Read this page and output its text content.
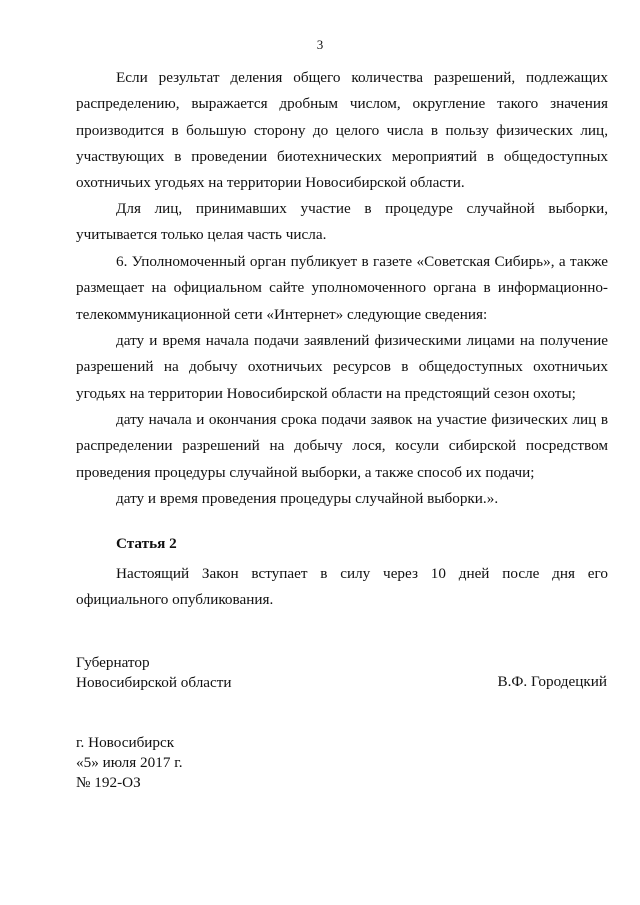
3

Если результат деления общего количества разрешений, подлежащих распределению, выражается дробным числом, округление такого значения производится в большую сторону до целого числа в пользу физических лиц, участвующих в проведении биотехнических мероприятий в общедоступных охотничьих угодьях на территории Новосибирской области.

Для лиц, принимавших участие в процедуре случайной выборки, учитывается только целая часть числа.

6. Уполномоченный орган публикует в газете «Советская Сибирь», а также размещает на официальном сайте уполномоченного органа в информационно-телекоммуникационной сети «Интернет» следующие сведения:

дату и время начала подачи заявлений физическими лицами на получение разрешений на добычу охотничьих ресурсов в общедоступных охотничьих угодьях на территории Новосибирской области на предстоящий сезон охоты;

дату начала и окончания срока подачи заявок на участие физических лиц в распределении разрешений на добычу лося, косули сибирской посредством проведения процедуры случайной выборки, а также способ их подачи;

дату и время проведения процедуры случайной выборки.».

Статья 2

Настоящий Закон вступает в силу через 10 дней после дня его официального опубликования.

Губернатор
Новосибирской области	В.Ф. Городецкий
г. Новосибирск
«5» июля 2017 г.
№ 192-ОЗ
